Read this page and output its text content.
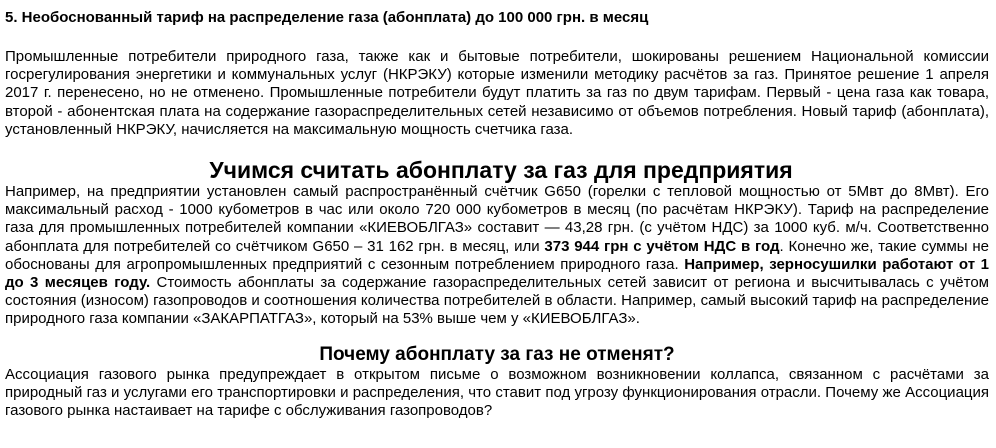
5. Необоснованный тариф на распределение газа (абонплата) до 100 000 грн. в месяц

Промышленные потребители природного газа, также как и бытовые потребители, шокированы решением Национальной комиссии госрегулирования энергетики и коммунальных услуг (НКРЭКУ) которые изменили методику расчётов за газ. Принятое решение 1 апреля 2017 г. перенесено, но не отменено. Промышленные потребители будут платить за газ по двум тарифам. Первый - цена газа как товара, второй - абонентская плата на содержание газораспределительных сетей независимо от объемов потребления. Новый тариф (абонплата), установленный НКРЭКУ, начисляется на максимальную мощность счетчика газа.

Учимся считать абонплату за газ для предприятия

Например, на предприятии установлен самый распространённый счётчик G650 (горелки с тепловой мощностью от 5Мвт до 8Мвт). Его максимальный расход - 1000 кубометров в час или около 720 000 кубометров в месяц (по расчётам НКРЭКУ). Тариф на распределение газа для промышленных потребителей компании «КИЕВОБЛГАЗ» составит — 43,28 грн. (с учётом НДС) за 1000 куб. м/ч. Соответственно абонплата для потребителей со счётчиком G650 – 31 162 грн. в месяц, или 373 944 грн с учётом НДС в год. Конечно же, такие суммы не обоснованы для агропромышленных предприятий с сезонным потреблением природного газа. Например, зерносушилки работают от 1 до 3 месяцев году. Стоимость абонплаты за содержание газораспределительных сетей зависит от региона и высчитывалась с учётом состояния (износом) газопроводов и соотношения количества потребителей в области. Например, самый высокий тариф на распределение природного газа компании «ЗАКАРПАТГАЗ», который на 53% выше чем у «КИЕВОБЛГАЗ».

Почему абонплату за газ не отменят?

Ассоциация газового рынка предупреждает в открытом письме о возможном возникновении коллапса, связанном с расчётами за природный газ и услугами его транспортировки и распределения, что ставит под угрозу функционирования отрасли. Почему же Ассоциация газового рынка настаивает на тарифе с обслуживания газопроводов?
